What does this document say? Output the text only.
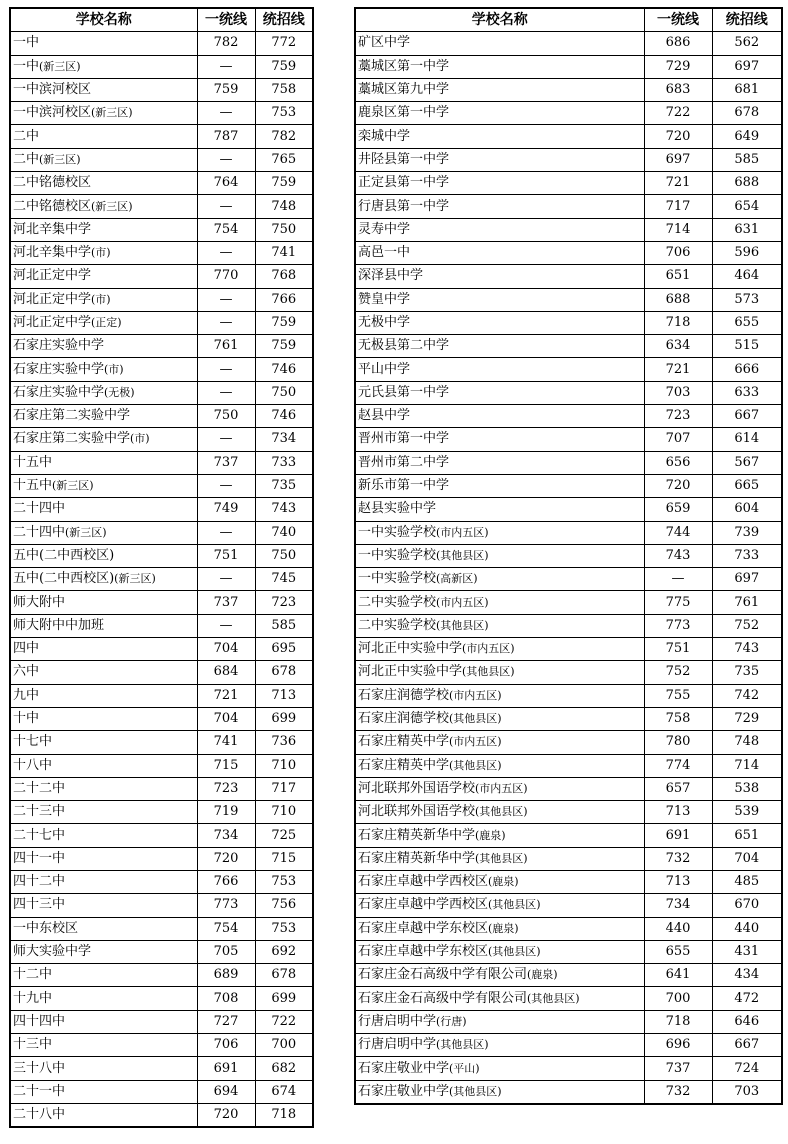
学校名称	一统线	统招线
一中	782	772
一中(新三区)	—	759
一中滨河校区	759	758
一中滨河校区(新三区)	—	753
二中	787	782
二中(新三区)	—	765
二中铭德校区	764	759
二中铭德校区(新三区)	—	748
河北辛集中学	754	750
河北辛集中学(市)	—	741
河北正定中学	770	768
河北正定中学(市)	—	766
河北正定中学(正定)	—	759
石家庄实验中学	761	759
石家庄实验中学(市)	—	746
石家庄实验中学(无极)	—	750
石家庄第二实验中学	750	746
石家庄第二实验中学(市)	—	734
十五中	737	733
十五中(新三区)	—	735
二十四中	749	743
二十四中(新三区)	—	740
五中(二中西校区)	751	750
五中(二中西校区)(新三区)	—	745
师大附中	737	723
师大附中中加班	—	585
四中	704	695
六中	684	678
九中	721	713
十中	704	699
十七中	741	736
十八中	715	710
二十二中	723	717
二十三中	719	710
二十七中	734	725
四十一中	720	715
四十二中	766	753
四十三中	773	756
一中东校区	754	753
师大实验中学	705	692
十二中	689	678
十九中	708	699
四十四中	727	722
十三中	706	700
三十八中	691	682
二十一中	694	674
二十八中	720	718
学校名称	一统线	统招线
矿区中学	686	562
藁城区第一中学	729	697
藁城区第九中学	683	681
鹿泉区第一中学	722	678
栾城中学	720	649
井陉县第一中学	697	585
正定县第一中学	721	688
行唐县第一中学	717	654
灵寿中学	714	631
高邑一中	706	596
深泽县中学	651	464
赞皇中学	688	573
无极中学	718	655
无极县第二中学	634	515
平山中学	721	666
元氏县第一中学	703	633
赵县中学	723	667
晋州市第一中学	707	614
晋州市第二中学	656	567
新乐市第一中学	720	665
赵县实验中学	659	604
一中实验学校(市内五区)	744	739
一中实验学校(其他县区)	743	733
一中实验学校(高新区)	—	697
二中实验学校(市内五区)	775	761
二中实验学校(其他县区)	773	752
河北正中实验中学(市内五区)	751	743
河北正中实验中学(其他县区)	752	735
石家庄润德学校(市内五区)	755	742
石家庄润德学校(其他县区)	758	729
石家庄精英中学(市内五区)	780	748
石家庄精英中学(其他县区)	774	714
河北联邦外国语学校(市内五区)	657	538
河北联邦外国语学校(其他县区)	713	539
石家庄精英新华中学(鹿泉)	691	651
石家庄精英新华中学(其他县区)	732	704
石家庄卓越中学西校区(鹿泉)	713	485
石家庄卓越中学西校区(其他县区)	734	670
石家庄卓越中学东校区(鹿泉)	440	440
石家庄卓越中学东校区(其他县区)	655	431
石家庄金石高级中学有限公司(鹿泉)	641	434
石家庄金石高级中学有限公司(其他县区)	700	472
行唐启明中学(行唐)	718	646
行唐启明中学(其他县区)	696	667
石家庄敬业中学(平山)	737	724
石家庄敬业中学(其他县区)	732	703
